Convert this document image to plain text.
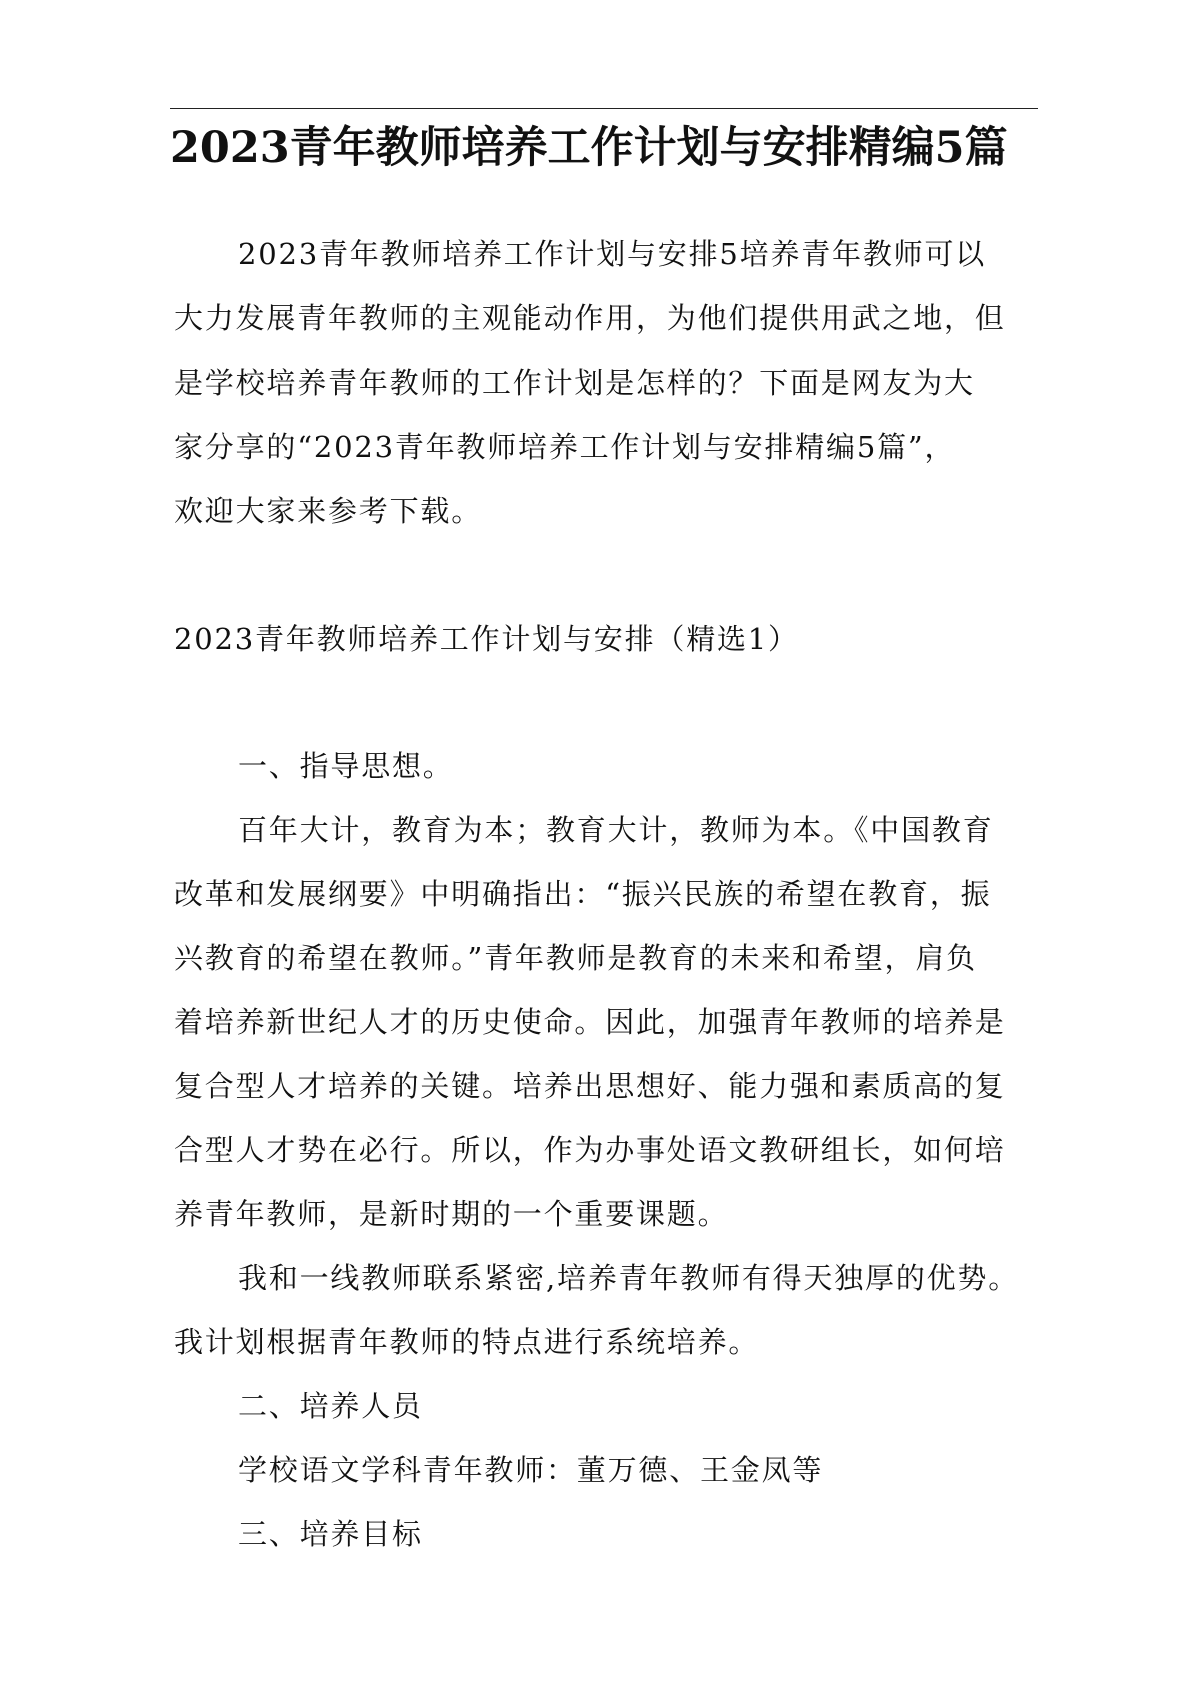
2023青年教师培养工作计划与安排精编5篇

2023青年教师培养工作计划与安排5培养青年教师可以

大力发展青年教师的主观能动作用，为他们提供用武之地，但

是学校培养青年教师的工作计划是怎样的？下面是网友为大

家分享的“2023青年教师培养工作计划与安排精编5篇”，

欢迎大家来参考下载。

2023青年教师培养工作计划与安排（精选1）

一、指导思想。

百年大计，教育为本；教育大计，教师为本。《中国教育

改革和发展纲要》中明确指出：“振兴民族的希望在教育，振

兴教育的希望在教师。”青年教师是教育的未来和希望，肩负

着培养新世纪人才的历史使命。因此，加强青年教师的培养是

复合型人才培养的关键。培养出思想好、能力强和素质高的复

合型人才势在必行。所以，作为办事处语文教研组长，如何培

养青年教师，是新时期的一个重要课题。

我和一线教师联系紧密,培养青年教师有得天独厚的优势。

我计划根据青年教师的特点进行系统培养。

二、培养人员

学校语文学科青年教师：董万德、王金凤等

三、培养目标
